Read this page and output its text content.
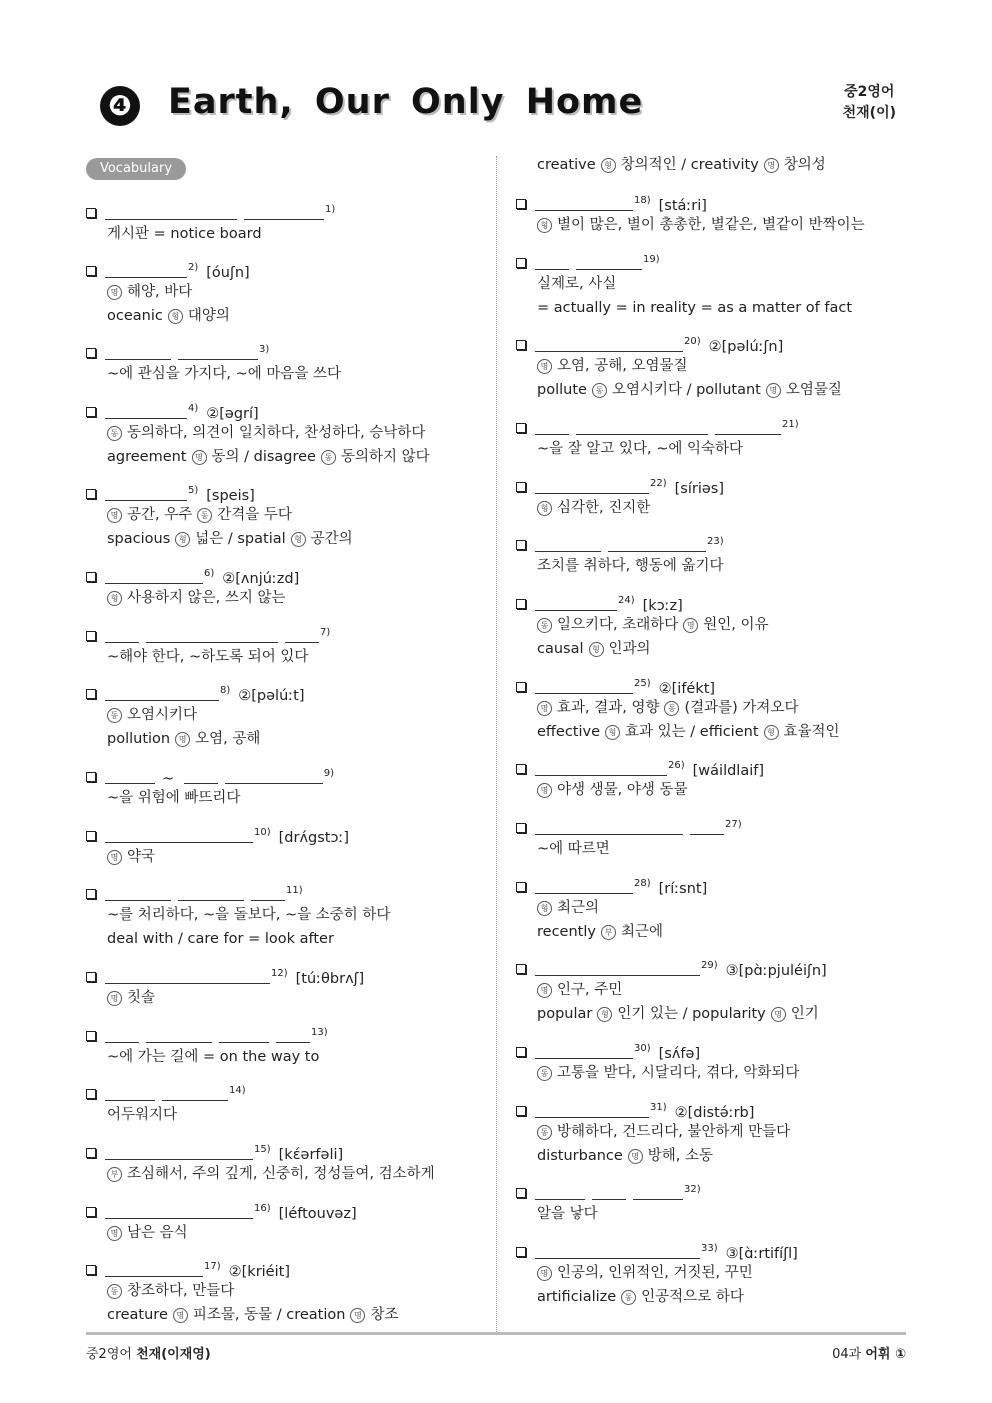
❹ Earth, Our Only Home	중2영어
천재(이)
Vocabulary
$^{1)}$
게시판 = notice board
$^{2)}$ [óuʃn]
명 해양, 바다
oceanic 형 대양의
$^{3)}$
~에 관심을 가지다, ~에 마음을 쓰다
$^{4)}$ ②[əgrí]
동 동의하다, 의견이 일치하다, 찬성하다, 승낙하다
agreement 명 동의 / disagree 동 동의하지 않다
$^{5)}$ [speis]
명 공간, 우주 동 간격을 두다
spacious 형 넓은 / spatial 형 공간의
$^{6)}$ ②[ʌnjúːzd]
형 사용하지 않은, 쓰지 않는
$^{7)}$
~해야 한다, ~하도록 되어 있다
$^{8)}$ ②[pəlúːt]
동 오염시키다
pollution 명 오염, 공해
~	$^{9)}$
~을 위험에 빠뜨리다
$^{10)}$ [drʌ́gstɔː]
명 약국
$^{11)}$
~를 처리하다, ~을 돌보다, ~을 소중히 하다
deal with / care for = look after
$^{12)}$ [túːθbrʌʃ]
명 칫솔
$^{13)}$
~에 가는 길에 = on the way to
$^{14)}$
어두워지다
$^{15)}$ [kέərfəli]
부 조심해서, 주의 깊게, 신중히, 정성들여, 검소하게
$^{16)}$ [léftouvəz]
명 남은 음식
$^{17)}$ ②[kriéit]
동 창조하다, 만들다
creature 명 피조물, 동물 / creation 명 창조
creative 형 창의적인 / creativity 명 창의성
$^{18)}$ [stáːri]
형 별이 많은, 별이 총총한, 별같은, 별같이 반짝이는
$^{19)}$
실제로, 사실
= actually = in reality = as a matter of fact
$^{20)}$ ②[pəlúːʃn]
명 오염, 공해, 오염물질
pollute 동 오염시키다 / pollutant 명 오염물질
$^{21)}$
~을 잘 알고 있다, ~에 익숙하다
$^{22)}$ [síriəs]
형 심각한, 진지한
$^{23)}$
조치를 취하다, 행동에 옮기다
$^{24)}$ [kɔːz]
동 일으키다, 초래하다 명 원인, 이유
causal 형 인과의
$^{25)}$ ②[ifékt]
명 효과, 결과, 영향 동 (결과를) 가져오다
effective 형 효과 있는 / efficient 형 효율적인
$^{26)}$ [wáildlaif]
명 야생 생물, 야생 동물
$^{27)}$
~에 따르면
$^{28)}$ [ríːsnt]
형 최근의
recently 부 최근에
$^{29)}$ ③[pɑ̀ːpjuléiʃn]
명 인구, 주민
popular 형 인기 있는 / popularity 명 인기
$^{30)}$ [sʌ́fə]
동 고통을 받다, 시달리다, 겪다, 악화되다
$^{31)}$ ②[distə́ːrb]
동 방해하다, 건드리다, 불안하게 만들다
disturbance 명 방해, 소동
$^{32)}$
알을 낳다
$^{33)}$ ③[ɑ̀ːrtifíʃl]
명 인공의, 인위적인, 거짓된, 꾸민
artificialize 동 인공적으로 하다
중2영어 천재(이재영)	04과 어휘 ①
